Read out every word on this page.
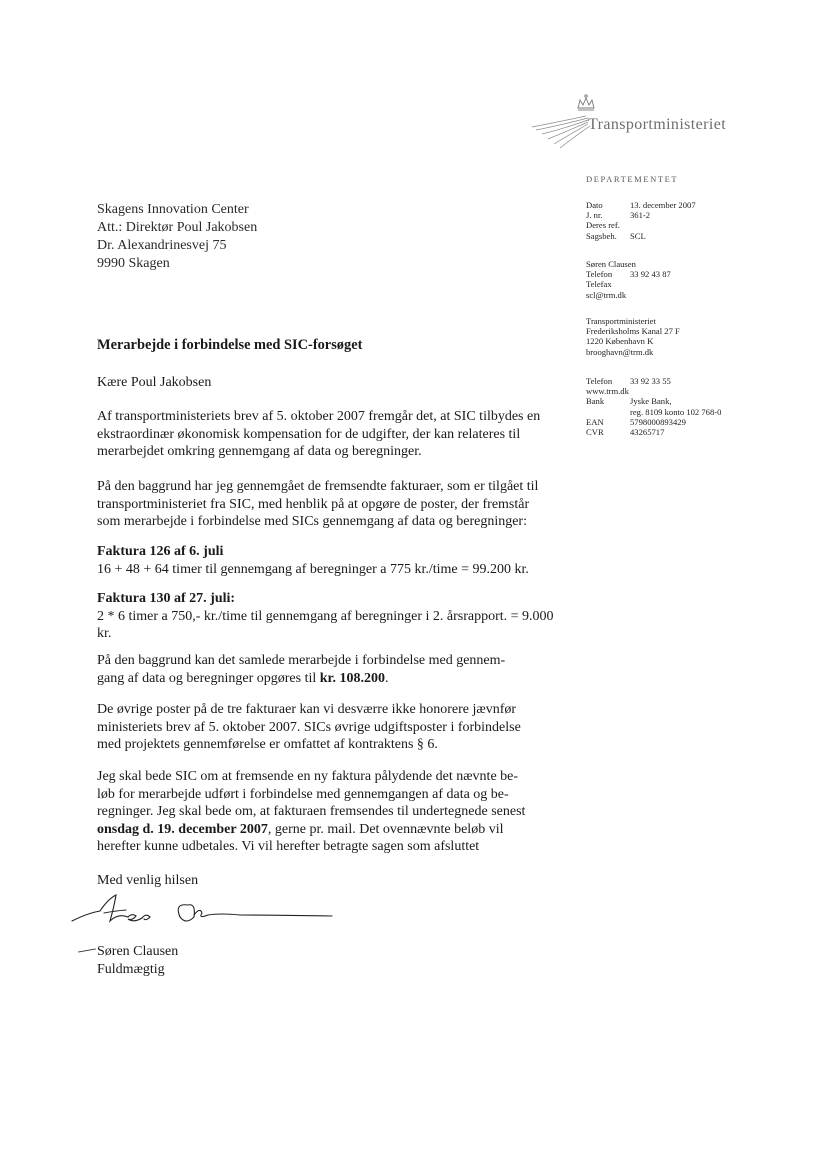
Transportministeriet
DEPARTEMENTET
Dato	13. december 2007
J. nr.	361-2
Deres ref.
Sagsbeh.	SCL
Søren Clausen
Telefon	33 92 43 87
Telefax
scl@trm.dk
Transportministeriet
Frederiksholms Kanal 27 F
1220 København K
brooghavn@trm.dk
Telefon	33 92 33 55
www.trm.dk
Bank	Jyske Bank,
reg. 8109 konto 102 768-0
EAN	5798000893429
CVR	43265717
Skagens Innovation Center
Att.: Direktør Poul Jakobsen
Dr. Alexandrinesvej 75
9990 Skagen
Merarbejde i forbindelse med SIC-forsøget
Kære Poul Jakobsen
Af transportministeriets brev af 5. oktober 2007 fremgår det, at SIC tilbydes en
ekstraordinær økonomisk kompensation for de udgifter, der kan relateres til
merarbejdet omkring gennemgang af data og beregninger.
På den baggrund har jeg gennemgået de fremsendte fakturaer, som er tilgået til
transportministeriet fra SIC, med henblik på at opgøre de poster, der fremstår
som merarbejde i forbindelse med SICs gennemgang af data og beregninger:
Faktura 126 af 6. juli
16 + 48 + 64 timer til gennemgang af beregninger a 775 kr./time = 99.200 kr.
Faktura 130 af 27. juli:
2 * 6 timer a 750,- kr./time til gennemgang af beregninger i 2. årsrapport. = 9.000
kr.
På den baggrund kan det samlede merarbejde i forbindelse med gennem-
gang af data og beregninger opgøres til kr. 108.200.
De øvrige poster på de tre fakturaer kan vi desværre ikke honorere jævnfør
ministeriets brev af 5. oktober 2007. SICs øvrige udgiftsposter i forbindelse
med projektets gennemførelse er omfattet af kontraktens § 6.
Jeg skal bede SIC om at fremsende en ny faktura pålydende det nævnte be-
løb for merarbejde udført i forbindelse med gennemgangen af data og be-
regninger. Jeg skal bede om, at fakturaen fremsendes til undertegnede senest
onsdag d. 19. december 2007, gerne pr. mail. Det ovennævnte beløb vil
herefter kunne udbetales. Vi vil herefter betragte sagen som afsluttet
Med venlig hilsen
Søren Clausen
Fuldmægtig
